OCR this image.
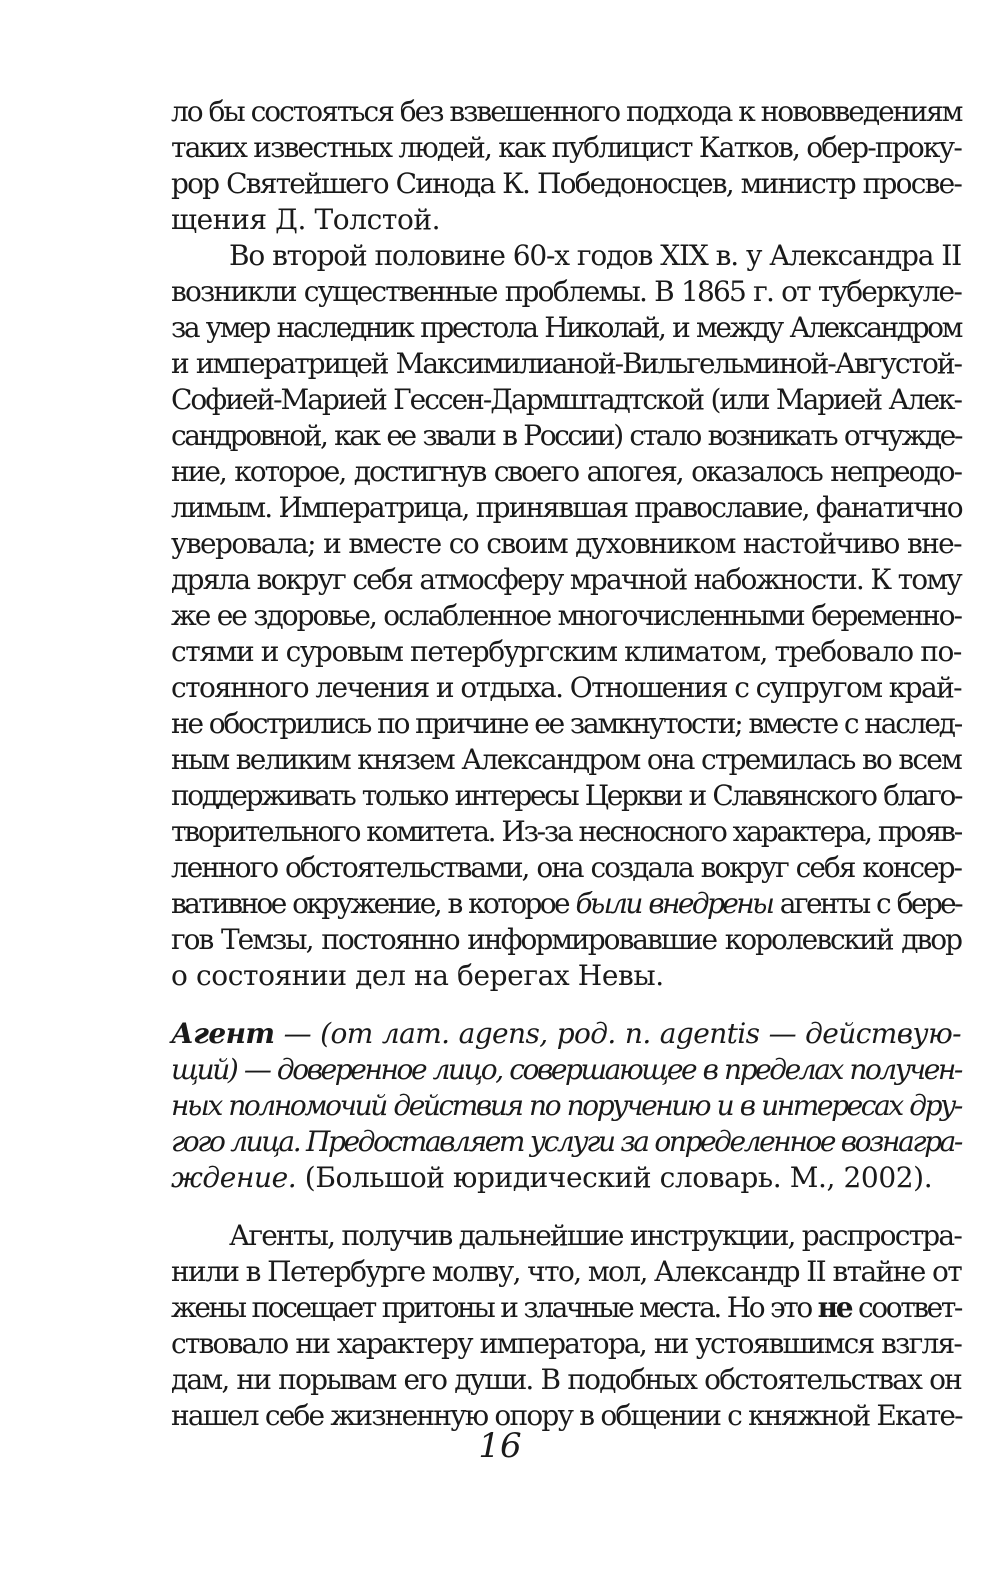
ло бы состояться без взвешенного подхода к нововведениям
таких известных людей, как публицист Катков, обер-проку-
рор Святейшего Синода К. Победоносцев, министр просве-
щения Д. Толстой.
Во второй половине 60-х годов XIX в. у Александра II
возникли существенные проблемы. В 1865 г. от туберкуле-
за умер наследник престола Николай, и между Александром
и императрицей Максимилианой-Вильгельминой-Августой-
Софией-Марией Гессен-Дармштадтской (или Марией Алек-
сандровной, как ее звали в России) стало возникать отчужде-
ние, которое, достигнув своего апогея, оказалось непреодо-
лимым. Императрица, принявшая православие, фанатично
уверовала; и вместе со своим духовником настойчиво вне-
дряла вокруг себя атмосферу мрачной набожности. К тому
же ее здоровье, ослабленное многочисленными беременно-
стями и суровым петербургским климатом, требовало по-
стоянного лечения и отдыха. Отношения с супругом край-
не обострились по причине ее замкнутости; вместе с наслед-
ным великим князем Александром она стремилась во всем
поддерживать только интересы Церкви и Славянского благо-
творительного комитета. Из-за несносного характера, прояв-
ленного обстоятельствами, она создала вокруг себя консер-
вативное окружение, в которое были внедрены агенты с бере-
гов Темзы, постоянно информировавшие королевский двор
о состоянии дел на берегах Невы.
Агент — (от лат. agens, род. п. agentis — действую-
щий) — доверенное лицо, совершающее в пределах получен-
ных полномочий действия по поручению и в интересах дру-
гого лица. Предоставляет услуги за определенное вознагра-
ждение. (Большой юридический словарь. М., 2002).
Агенты, получив дальнейшие инструкции, распростра-
нили в Петербурге молву, что, мол, Александр II втайне от
жены посещает притоны и злачные места. Но это не соответ-
ствовало ни характеру императора, ни устоявшимся взгля-
дам, ни порывам его души. В подобных обстоятельствах он
нашел себе жизненную опору в общении с княжной Екате-
16
